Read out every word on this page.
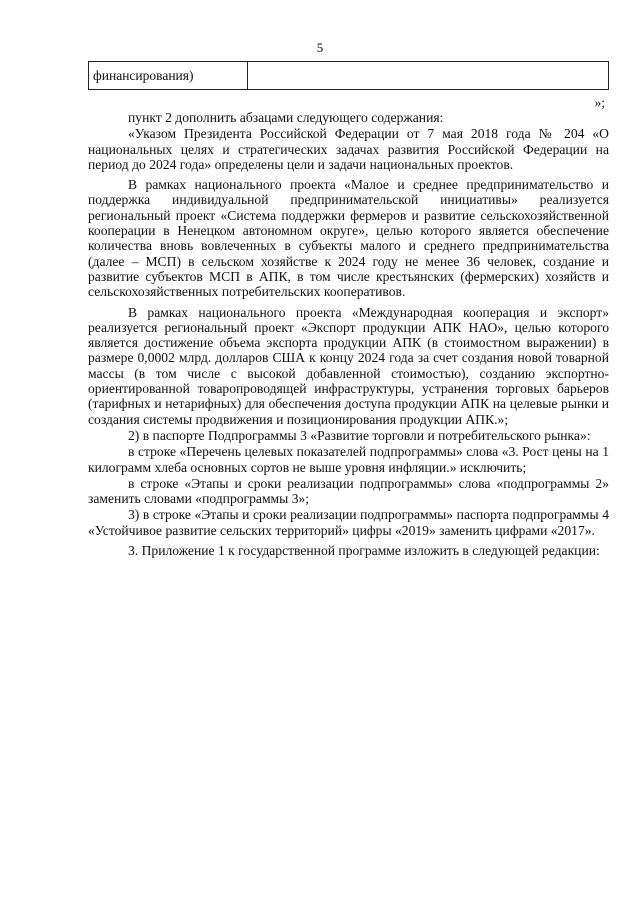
5
финансирования)	
»;

пункт 2 дополнить абзацами следующего содержания:

«Указом Президента Российской Федерации от 7 мая 2018 года № 204 «О национальных целях и стратегических задачах развития Российской Федерации на период до 2024 года» определены цели и задачи национальных проектов.

В рамках национального проекта «Малое и среднее предпринимательство и поддержка индивидуальной предпринимательской инициативы» реализуется региональный проект «Система поддержки фермеров и развитие сельскохозяйственной кооперации в Ненецком автономном округе», целью которого является обеспечение количества вновь вовлеченных в субъекты малого и среднего предпринимательства (далее – МСП) в сельском хозяйстве к 2024 году не менее 36 человек, создание и развитие субъектов МСП в АПК, в том числе крестьянских (фермерских) хозяйств и сельскохозяйственных потребительских кооперативов.

В рамках национального проекта «Международная кооперация и экспорт» реализуется региональный проект «Экспорт продукции АПК НАО», целью которого является достижение объема экспорта продукции АПК (в стоимостном выражении) в размере 0,0002 млрд. долларов США к концу 2024 года за счет создания новой товарной массы (в том числе с высокой добавленной стоимостью), созданию экспортно-ориентированной товаропроводящей инфраструктуры, устранения торговых барьеров (тарифных и нетарифных) для обеспечения доступа продукции АПК на целевые рынки и создания системы продвижения и позиционирования продукции АПК.»;

2) в паспорте Подпрограммы 3 «Развитие торговли и потребительского рынка»:

в строке «Перечень целевых показателей подпрограммы» слова «3. Рост цены на 1 килограмм хлеба основных сортов не выше уровня инфляции.» исключить;

в строке «Этапы и сроки реализации подпрограммы» слова «подпрограммы 2» заменить словами «подпрограммы 3»;

3) в строке «Этапы и сроки реализации подпрограммы» паспорта подпрограммы 4 «Устойчивое развитие сельских территорий» цифры «2019» заменить цифрами «2017».

3. Приложение 1 к государственной программе изложить в следующей редакции:
